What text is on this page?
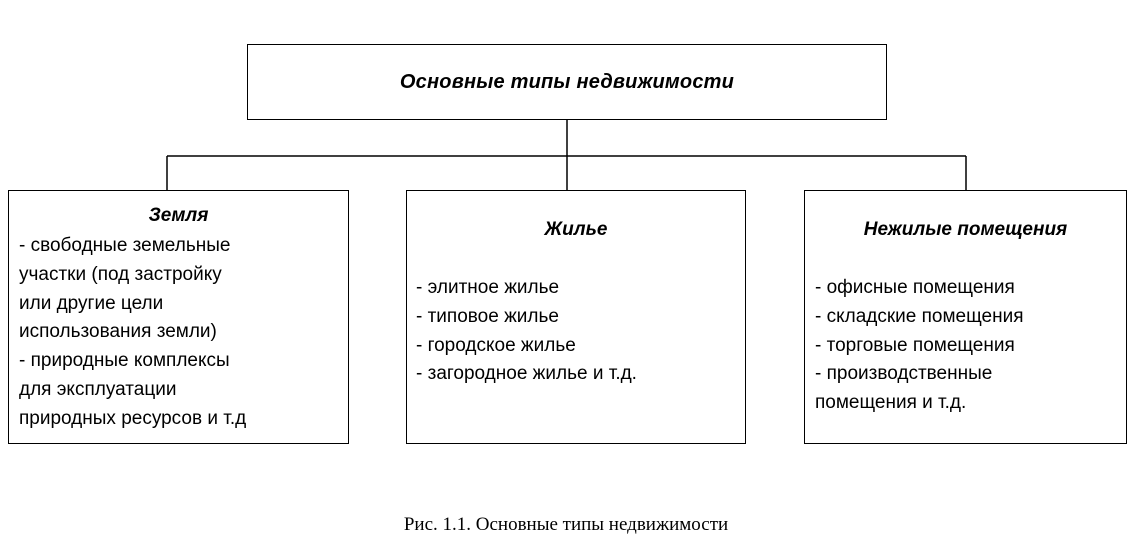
Основные типы недвижимости
Земля
- свободные земельные
участки (под застройку
или другие цели
использования земли)
- природные комплексы
для эксплуатации
природных ресурсов и т.д
Жилье
- элитное жилье
- типовое жилье
- городское жилье
- загородное жилье и т.д.
Нежилые помещения
- офисные помещения
- складские помещения
- торговые помещения
- производственные
помещения и т.д.
Рис. 1.1. Основные типы недвижимости
